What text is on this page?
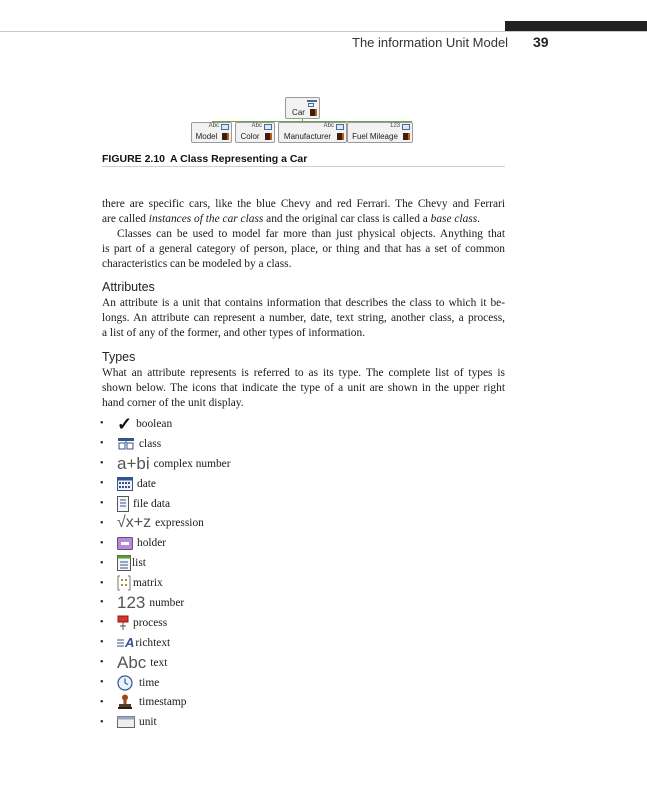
The information Unit Model 39
Car
Abc
Model
Abc
Color
Abc
Manufacturer
123
Fuel Mileage
FIGURE 2.10 A Class Representing a Car

there are specific cars, like the blue Chevy and red Ferrari. The Chevy and Ferrari
are called instances of the car class and the original car class is called a base class.

Classes can be used to model far more than just physical objects. Anything that
is part of a general category of person, place, or thing and that has a set of common
characteristics can be modeled by a class.

Attributes

An attribute is a unit that contains information that describes the class to which it be-
longs. An attribute can represent a number, date, text string, another class, a process,
a list of any of the former, and other types of information.

Types

What an attribute represents is referred to as its type. The complete list of types is
shown below. The icons that indicate the type of a unit are shown in the upper right
hand corner of the unit display.

• ✓ boolean
•	class
• a+bi complex number
•	date
•	file data
• √x+z expression
•	holder
•	list
•	matrix
• 123 number
•	process
•	A richtext
• Abc text
•	time
•	timestamp
•	unit
